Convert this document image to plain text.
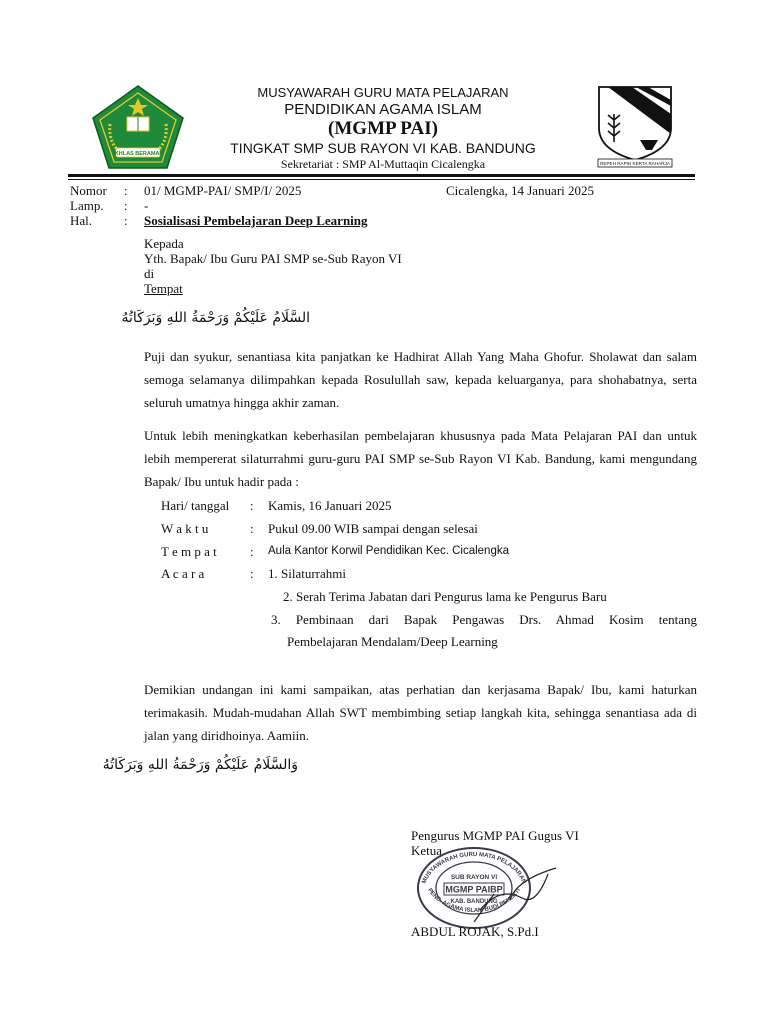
IKHLAS BERAMAL
MUSYAWARAH GURU MATA PELAJARAN
PENDIDIKAN AGAMA ISLAM
(MGMP PAI)
TINGKAT SMP SUB RAYON VI KAB. BANDUNG
Sekretariat : SMP Al-Muttaqin Cicalengka	REPEH RAPIH KERTA RAHARJA
Nomor : 01/ MGMP-PAI/ SMP/I/ 2025	Cicalengka, 14 Januari 2025
Lamp. : -
Hal. : Sosialisasi Pembelajaran Deep Learning
Kepada
Yth. Bapak/ Ibu Guru PAI SMP se-Sub Rayon VI
di
Tempat
السَّلَامُ عَلَيْكُمْ وَرَحْمَةُ اللهِ وَبَرَكَاتُهُ
Puji dan syukur, senantiasa kita panjatkan ke Hadhirat Allah Yang Maha Ghofur. Sholawat dan salam semoga selamanya dilimpahkan kepada Rosulullah saw, kepada keluarganya, para shohabatnya, serta seluruh umatnya hingga akhir zaman.
Untuk lebih meningkatkan keberhasilan pembelajaran khususnya pada Mata Pelajaran PAI dan untuk lebih mempererat silaturrahmi guru-guru PAI SMP se-Sub Rayon VI Kab. Bandung, kami mengundang Bapak/ Ibu untuk hadir pada :
Hari/ tanggal : Kamis, 16 Januari 2025
W a k t u	: Pukul 09.00 WIB sampai dengan selesai
T e m p a t	: Aula Kantor Korwil Pendidikan Kec. Cicalengka
A c a r a	: 1. Silaturrahmi
2. Serah Terima Jabatan dari Pengurus lama ke Pengurus Baru
3. Pembinaan dari Bapak Pengawas Drs. Ahmad Kosim tentang
Pembelajaran Mendalam/Deep Learning
Demikian undangan ini kami sampaikan, atas perhatian dan kerjasama Bapak/ Ibu, kami haturkan terimakasih. Mudah-mudahan Allah SWT membimbing setiap langkah kita, sehingga senantiasa ada di jalan yang diridhoinya. Aamiin.
وَالسَّلَامُ عَلَيْكُمْ وَرَحْمَةُ اللهِ وَبَرَكَاتُهُ
Pengurus MGMP PAI Gugus VI
Ketua
MUSYAWARAH GURU MATA PELAJARAN
PEND. AGAMA ISLAM BUDI PEKERTI
SUB RAYON VI
MGMP PAIBP
KAB. BANDUNG
ABDUL ROJAK, S.Pd.I
